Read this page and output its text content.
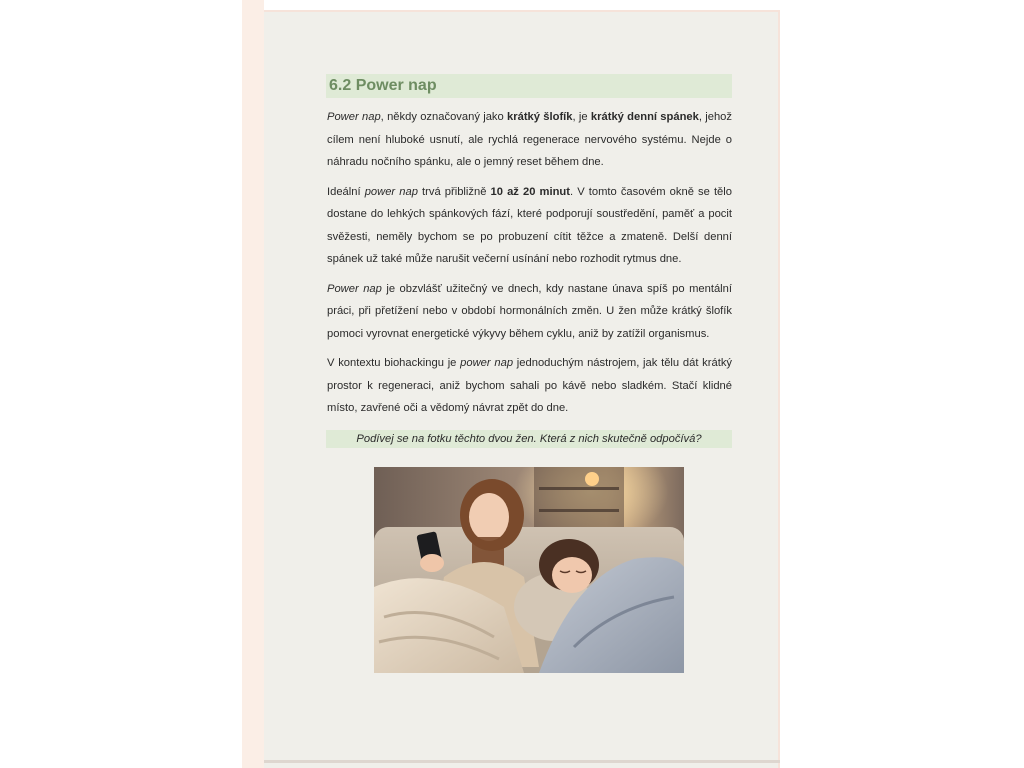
6.2 Power nap

Power nap, někdy označovaný jako krátký šlofík, je krátký denní spánek, jehož cílem není hluboké usnutí, ale rychlá regenerace nervového systému. Nejde o náhradu nočního spánku, ale o jemný reset během dne.

Ideální power nap trvá přibližně 10 až 20 minut. V tomto časovém okně se tělo dostane do lehkých spánkových fází, které podporují soustředění, paměť a pocit svěžesti, neměly bychom se po probuzení cítit těžce a zmateně. Delší denní spánek už také může narušit večerní usínání nebo rozhodit rytmus dne.

Power nap je obzvlášť užitečný ve dnech, kdy nastane únava spíš po mentální práci, při přetížení nebo v období hormonálních změn. U žen může krátký šlofík pomoci vyrovnat energetické výkyvy během cyklu, aniž by zatížil organismus.

V kontextu biohackingu je power nap jednoduchým nástrojem, jak tělu dát krátký prostor k regeneraci, aniž bychom sahali po kávě nebo sladkém. Stačí klidné místo, zavřené oči a vědomý návrat zpět do dne.

Podívej se na fotku těchto dvou žen. Která z nich skutečně odpočívá?
